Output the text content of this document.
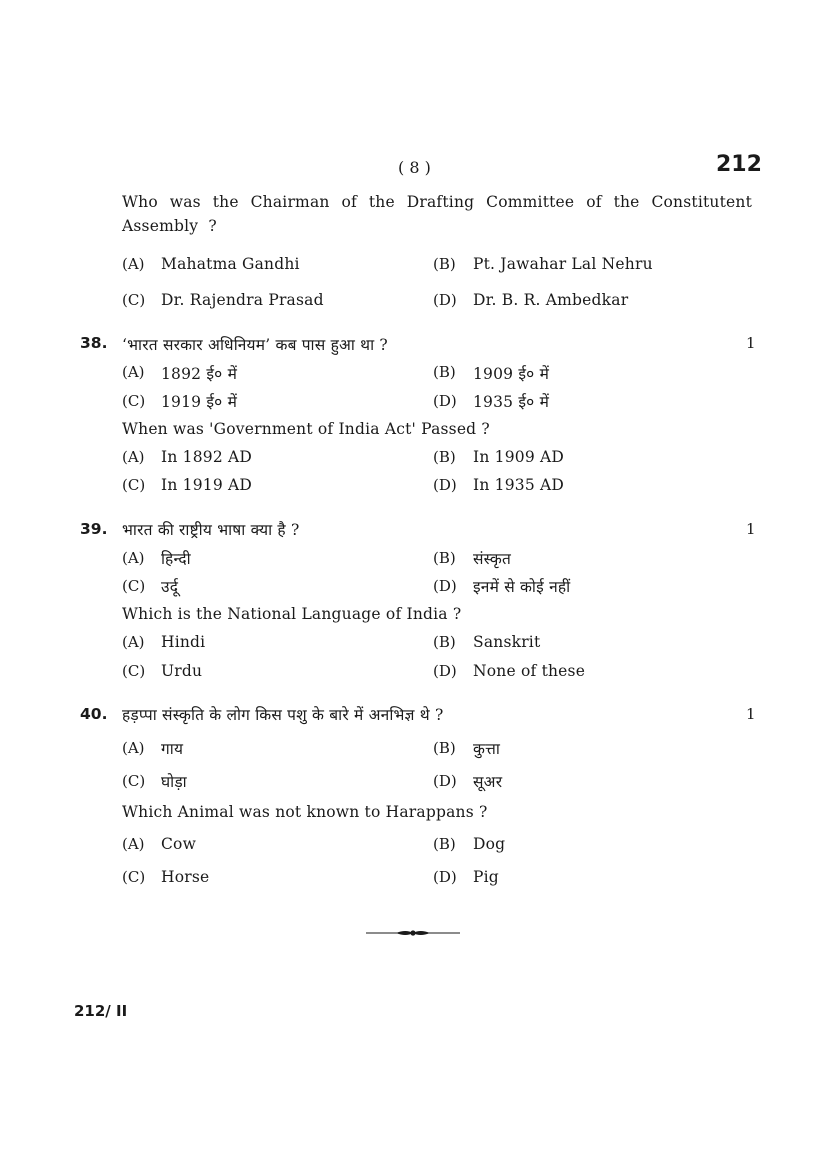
( 8 )	212
Who was the Chairman of the Drafting Committee of the Constitutent Assembly ?
(A) Mahatma Gandhi	(B) Pt. Jawahar Lal Nehru
(C) Dr. Rajendra Prasad	(D) Dr. B. R. Ambedkar
38. ‘भारत सरकार अधिनियम’ कब पास हुआ था ?	1
(A) 1892 ई० में	(B) 1909 ई० में
(C) 1919 ई० में	(D) 1935 ई० में
When was 'Government of India Act' Passed ?
(A) In 1892 AD	(B) In 1909 AD
(C) In 1919 AD	(D) In 1935 AD
39. भारत की राष्ट्रीय भाषा क्या है ?	1
(A) हिन्दी	(B) संस्कृत
(C) उर्दू	(D) इनमें से कोई नहीं
Which is the National Language of India ?
(A) Hindi	(B) Sanskrit
(C) Urdu	(D) None of these
40. हड़प्पा संस्कृति के लोग किस पशु के बारे में अनभिज्ञ थे ?	1
(A) गाय	(B) कुत्ता
(C) घोड़ा	(D) सूअर
Which Animal was not known to Harappans ?
(A) Cow	(B) Dog
(C) Horse	(D) Pig
212/ II
